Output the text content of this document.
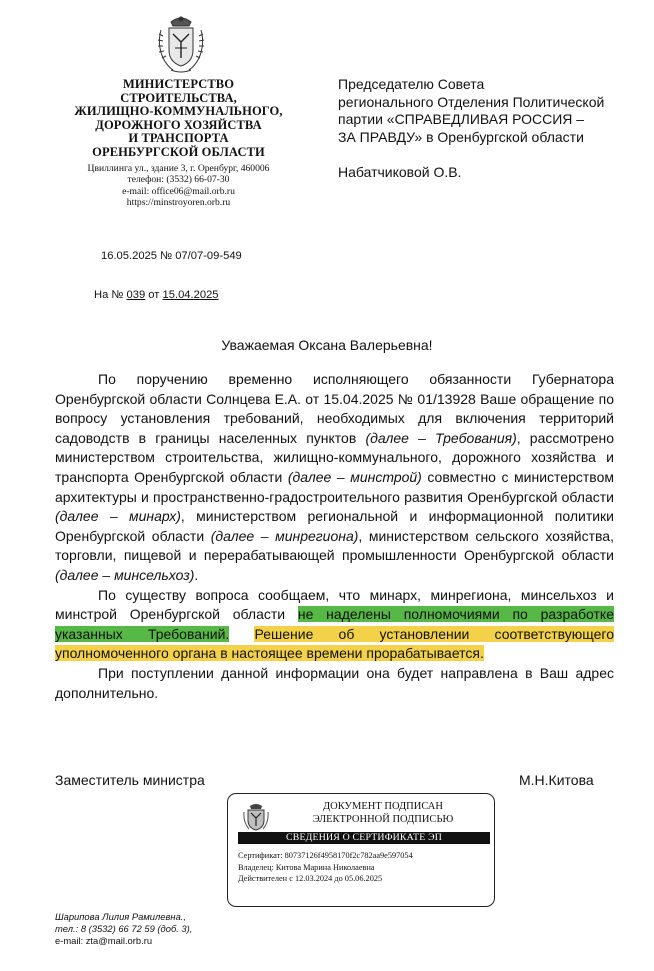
МИНИСТЕРСТВО
СТРОИТЕЛЬСТВА,
ЖИЛИЩНО-КОММУНАЛЬНОГО,
ДОРОЖНОГО ХОЗЯЙСТВА
И ТРАНСПОРТА
ОРЕНБУРГСКОЙ ОБЛАСТИ
Цвиллинга ул., здание 3, г. Оренбург, 460006
телефон: (3532) 66-07-30
e-mail: office06@mail.orb.ru
https://minstroyoren.orb.ru
Председателю Совета
регионального Отделения Политической
партии «СПРАВЕДЛИВАЯ РОССИЯ –
ЗА ПРАВДУ» в Оренбургской области
Набатчиковой О.В.
16.05.2025 № 07/07-09-549
На № 039 от 15.04.2025
Уважаемая Оксана Валерьевна!

По поручению временно исполняющего обязанности Губернатора Оренбургской области Солнцева Е.А. от 15.04.2025 № 01/13928 Ваше обращение по вопросу установления требований, необходимых для включения территорий садоводств в границы населенных пунктов (далее – Требования), рассмотрено министерством строительства, жилищно-коммунального, дорожного хозяйства и транспорта Оренбургской области (далее – минстрой) совместно с министерством архитектуры и пространственно-градостроительного развития Оренбургской области (далее – минарх), министерством региональной и информационной политики Оренбургской области (далее – минрегиона), министерством сельского хозяйства, торговли, пищевой и перерабатывающей промышленности Оренбургской области (далее – минсельхоз).

По существу вопроса сообщаем, что минарх, минрегиона, минсельхоз и минстрой Оренбургской области не наделены полномочиями по разработке указанных Требований. Решение об установлении соответствующего уполномоченного органа в настоящее времени прорабатывается.

При поступлении данной информации она будет направлена в Ваш адрес дополнительно.

Заместитель министра	М.Н.Китова
ДОКУМЕНТ ПОДПИСАН
ЭЛЕКТРОННОЙ ПОДПИСЬЮ
СВЕДЕНИЯ О СЕРТИФИКАТЕ ЭП
Сертификат: 80737126f4958170f2c782aa9e597054
Владелец: Китова Марина Николаевна
Действителен с 12.03.2024 до 05.06.2025
Шарипова Лилия Рамилевна.,
тел.: 8 (3532) 66 72 59 (доб. 3),
e-mail: zta@mail.orb.ru
